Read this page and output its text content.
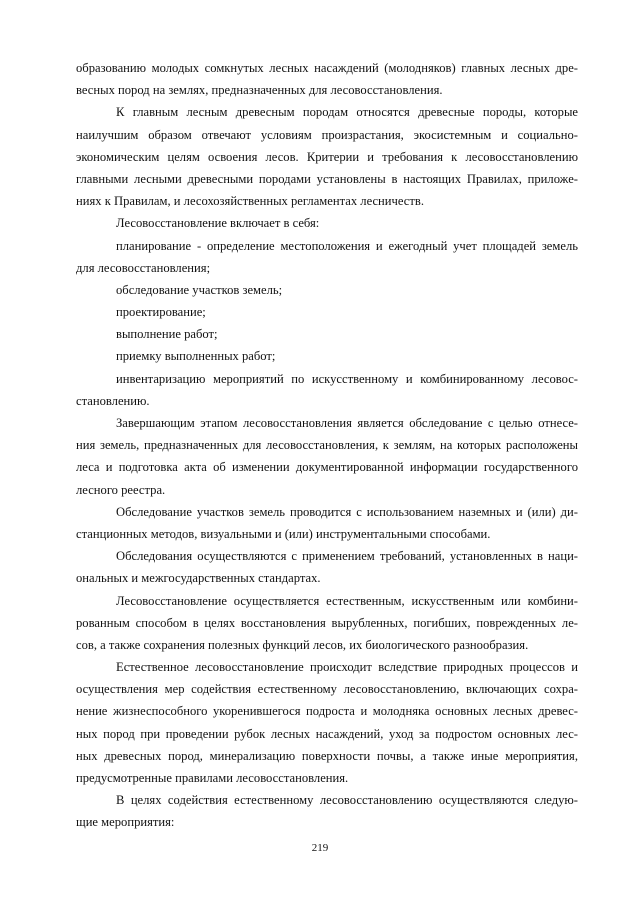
образованию молодых сомкнутых лесных насаждений (молодняков) главных лесных дре-
весных пород на землях, предназначенных для лесовосстановления.
К главным лесным древесным породам относятся древесные породы, которые
наилучшим образом отвечают условиям произрастания, экосистемным и социально-
экономическим целям освоения лесов. Критерии и требования к лесовосстановлению
главными лесными древесными породами установлены в настоящих Правилах, приложе-
ниях к Правилам, и лесохозяйственных регламентах лесничеств.
Лесовосстановление включает в себя:
планирование - определение местоположения и ежегодный учет площадей земель
для лесовосстановления;
обследование участков земель;
проектирование;
выполнение работ;
приемку выполненных работ;
инвентаризацию мероприятий по искусственному и комбинированному лесовос-
становлению.
Завершающим этапом лесовосстановления является обследование с целью отнесе-
ния земель, предназначенных для лесовосстановления, к землям, на которых расположены
леса и подготовка акта об изменении документированной информации государственного
лесного реестра.
Обследование участков земель проводится с использованием наземных и (или) ди-
станционных методов, визуальными и (или) инструментальными способами.
Обследования осуществляются с применением требований, установленных в наци-
ональных и межгосударственных стандартах.
Лесовосстановление осуществляется естественным, искусственным или комбини-
рованным способом в целях восстановления вырубленных, погибших, поврежденных ле-
сов, а также сохранения полезных функций лесов, их биологического разнообразия.
Естественное лесовосстановление происходит вследствие природных процессов и
осуществления мер содействия естественному лесовосстановлению, включающих сохра-
нение жизнеспособного укоренившегося подроста и молодняка основных лесных древес-
ных пород при проведении рубок лесных насаждений, уход за подростом основных лес-
ных древесных пород, минерализацию поверхности почвы, а также иные мероприятия,
предусмотренные правилами лесовосстановления.
В целях содействия естественному лесовосстановлению осуществляются следую-
щие мероприятия:
219
